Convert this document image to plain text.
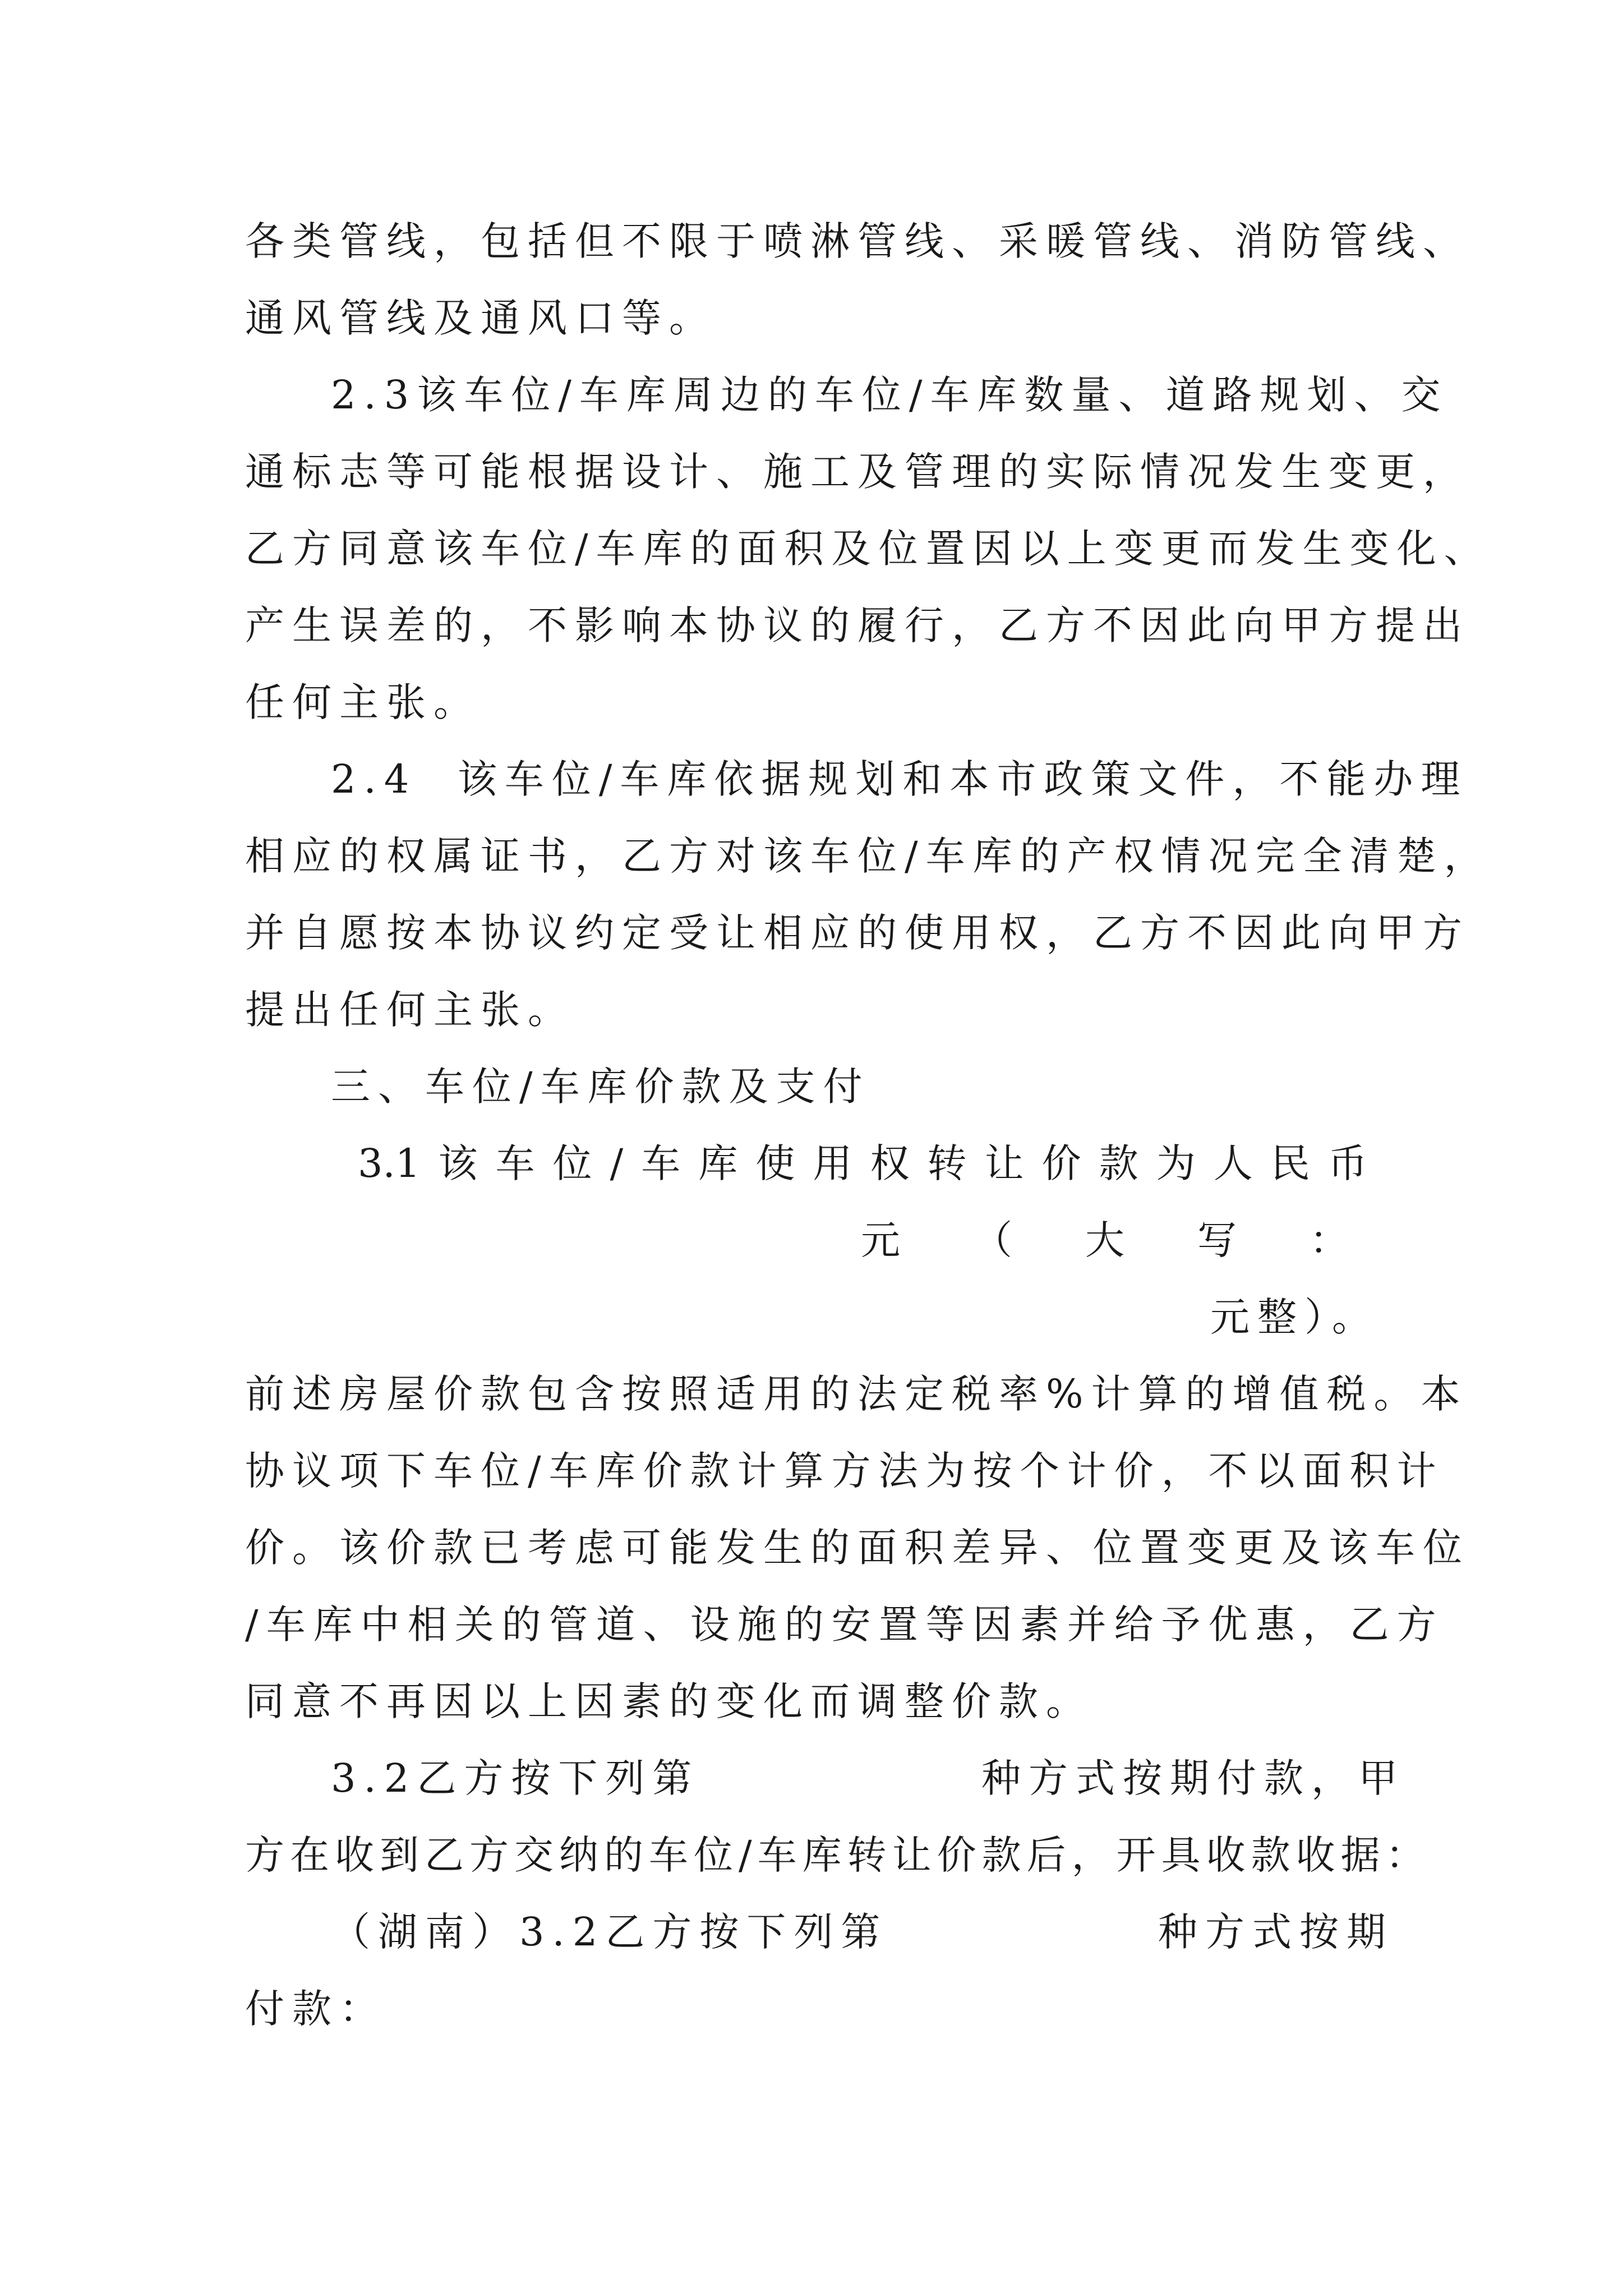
各类管线，包括但不限于喷淋管线、采暖管线、消防管线、
通风管线及通风口等。
2.3该车位/车库周边的车位/车库数量、道路规划、交
通标志等可能根据设计、施工及管理的实际情况发生变更，
乙方同意该车位/车库的面积及位置因以上变更而发生变化、
产生误差的，不影响本协议的履行，乙方不因此向甲方提出
任何主张。
2.4  该车位/车库依据规划和本市政策文件，不能办理
相应的权属证书，乙方对该车位/车库的产权情况完全清楚，
并自愿按本协议约定受让相应的使用权，乙方不因此向甲方
提出任何主张。
三、车位/车库价款及支付
3.1 该 车 位 / 车 库 使 用 权 转 让 价 款 为 人 民 币
元 （ 大 写 ：
元整）。
前述房屋价款包含按照适用的法定税率%计算的增值税。本
协议项下车位/车库价款计算方法为按个计价，不以面积计
价。该价款已考虑可能发生的面积差异、位置变更及该车位
/车库中相关的管道、设施的安置等因素并给予优惠，乙方
同意不再因以上因素的变化而调整价款。
3.2乙方按下列第	种方式按期付款，甲
方在收到乙方交纳的车位/车库转让价款后，开具收款收据：
（湖南）3.2乙方按下列第	种方式按期
付款：
